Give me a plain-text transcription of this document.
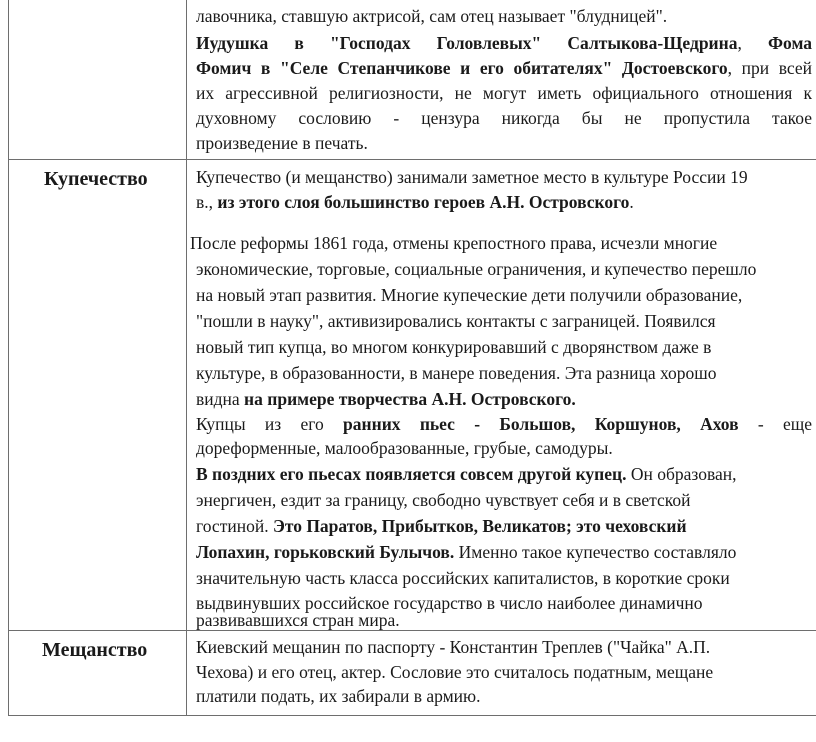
лавочника, ставшую актрисой, сам отец называет "блудницей".
Иудушка в "Господах Головлевых" Салтыкова-Щедрина, Фома
Фомич в "Селе Степанчикове и его обитателях" Достоевского, при всей
их агрессивной религиозности, не могут иметь официального отношения к
духовному сословию - цензура никогда бы не пропустила такое
произведение в печать.
Купечество	Купечество (и мещанство) занимали заметное место в культуре России 19
в., из этого слоя большинство героев А.Н. Островского.
После реформы 1861 года, отмены крепостного права, исчезли многие
экономические, торговые, социальные ограничения, и купечество перешло
на новый этап развития. Многие купеческие дети получили образование,
"пошли в науку", активизировались контакты с заграницей. Появился
новый тип купца, во многом конкурировавший с дворянством даже в
культуре, в образованности, в манере поведения. Эта разница хорошо
видна на примере творчества А.Н. Островского.
Купцы из его ранних пьес - Большов, Коршунов, Ахов - еще
дореформенные, малообразованные, грубые, самодуры.
В поздних его пьесах появляется совсем другой купец. Он образован,
энергичен, ездит за границу, свободно чувствует себя и в светской
гостиной. Это Паратов, Прибытков, Великатов; это чеховский
Лопахин, горьковский Булычов. Именно такое купечество составляло
значительную часть класса российских капиталистов, в короткие сроки
выдвинувших российское государство в число наиболее динамично
развивавшихся стран мира.
Мещанство	Киевский мещанин по паспорту - Константин Треплев ("Чайка" А.П.
Чехова) и его отец, актер. Сословие это считалось податным, мещане
платили подать, их забирали в армию.
